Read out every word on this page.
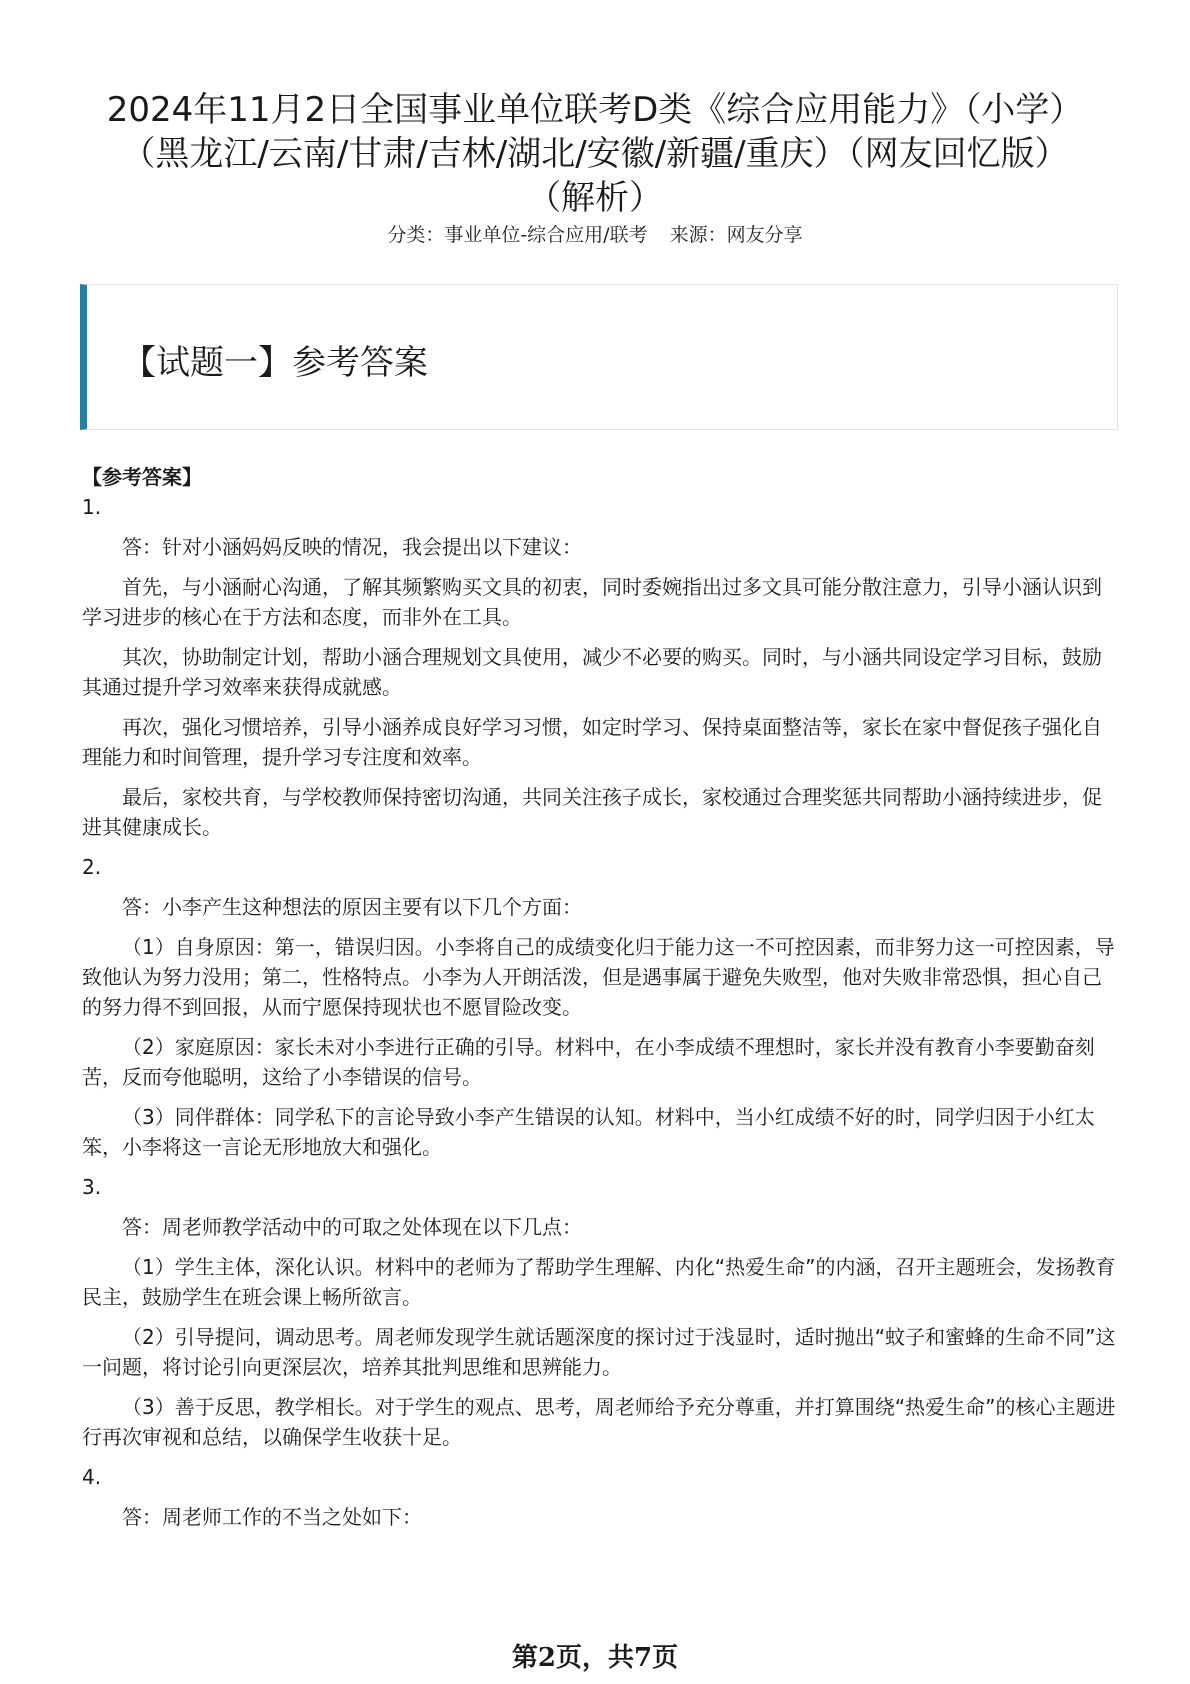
2024年11月2日全国事业单位联考D类《综合应用能力》（小学）
（黑龙江/云南/甘肃/吉林/湖北/安徽/新疆/重庆）（网友回忆版）
（解析）
分类：事业单位-综合应用/联考 来源：网友分享
【试题一】参考答案
【参考答案】
1.

答：针对小涵妈妈反映的情况，我会提出以下建议：

首先，与小涵耐心沟通，了解其频繁购买文具的初衷，同时委婉指出过多文具可能分散注意力，引导小涵认识到学习进步的核心在于方法和态度，而非外在工具。

其次，协助制定计划，帮助小涵合理规划文具使用，减少不必要的购买。同时，与小涵共同设定学习目标，鼓励其通过提升学习效率来获得成就感。

再次，强化习惯培养，引导小涵养成良好学习习惯，如定时学习、保持桌面整洁等，家长在家中督促孩子强化自理能力和时间管理，提升学习专注度和效率。

最后，家校共育，与学校教师保持密切沟通，共同关注孩子成长，家校通过合理奖惩共同帮助小涵持续进步，促进其健康成长。

2.

答：小李产生这种想法的原因主要有以下几个方面：

（1）自身原因：第一，错误归因。小李将自己的成绩变化归于能力这一不可控因素，而非努力这一可控因素，导致他认为努力没用；第二，性格特点。小李为人开朗活泼，但是遇事属于避免失败型，他对失败非常恐惧，担心自己的努力得不到回报，从而宁愿保持现状也不愿冒险改变。

（2）家庭原因：家长未对小李进行正确的引导。材料中，在小李成绩不理想时，家长并没有教育小李要勤奋刻苦，反而夸他聪明，这给了小李错误的信号。

（3）同伴群体：同学私下的言论导致小李产生错误的认知。材料中，当小红成绩不好的时，同学归因于小红太笨，小李将这一言论无形地放大和强化。

3.

答：周老师教学活动中的可取之处体现在以下几点：

（1）学生主体，深化认识。材料中的老师为了帮助学生理解、内化“热爱生命”的内涵，召开主题班会，发扬教育民主，鼓励学生在班会课上畅所欲言。

（2）引导提问，调动思考。周老师发现学生就话题深度的探讨过于浅显时，适时抛出“蚊子和蜜蜂的生命不同”这一问题，将讨论引向更深层次，培养其批判思维和思辨能力。

（3）善于反思，教学相长。对于学生的观点、思考，周老师给予充分尊重，并打算围绕“热爱生命”的核心主题进行再次审视和总结，以确保学生收获十足。

4.

答：周老师工作的不当之处如下：

第2页，共7页
